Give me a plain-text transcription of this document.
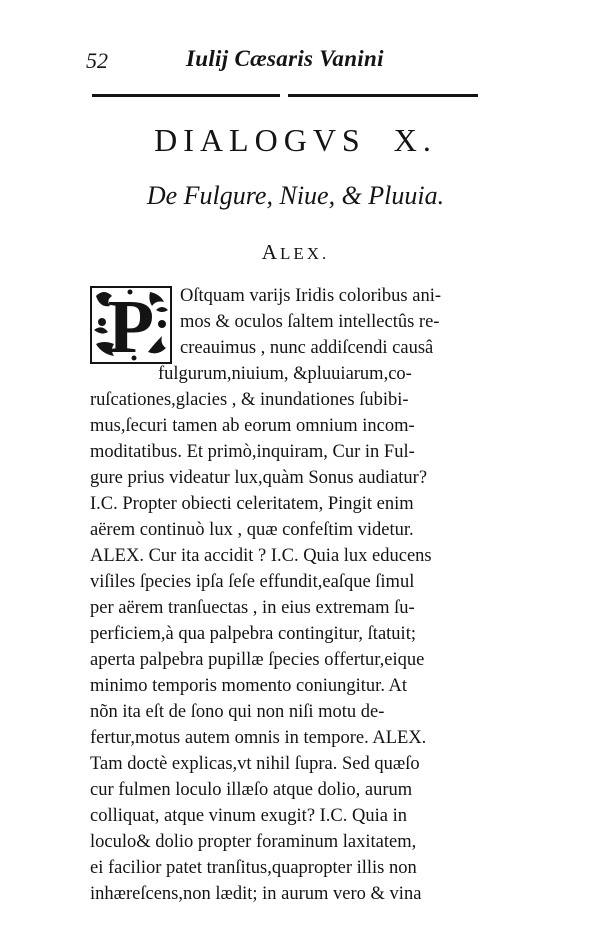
52	Iulij Cæsaris Vanini
DIALOGVS X.
De Fulgure, Niue, & Pluuia.
ALEX.
P Oſtquam varijs Iridis coloribus ani-
mos & oculos ſaltem intellectûs re-
creauimus , nunc addiſcendi causâ
fulgurum,niuium, &pluuiarum,co-
ruſcationes,glacies , & inundationes ſubibi-
mus,ſecuri tamen ab eorum omnium incom-
moditatibus. Et primò,inquiram, Cur in Ful-
gure prius videatur lux,quàm Sonus audiatur?
I.C. Propter obiecti celeritatem, Pingit enim
aërem continuò lux , quæ confeſtim videtur.
ALEX. Cur ita accidit ? I.C. Quia lux educens
viſiles ſpecies ipſa ſeſe effundit,eaſque ſimul
per aërem tranſuectas , in eius extremam ſu-
perficiem,à qua palpebra contingitur, ſtatuit;
aperta palpebra pupillæ ſpecies offertur,eique
minimo temporis momento coniungitur. At
nõn ita eſt de ſono qui non niſi motu de-
fertur,motus autem omnis in tempore. ALEX.
Tam doctè explicas,vt nihil ſupra. Sed quæſo
cur fulmen loculo illæſo atque dolio, aurum
colliquat, atque vinum exugit? I.C. Quia in
loculo& dolio propter foraminum laxitatem,
ei facilior patet tranſitus,quapropter illis non
inhæreſcens,non lædit; in aurum vero & vina
